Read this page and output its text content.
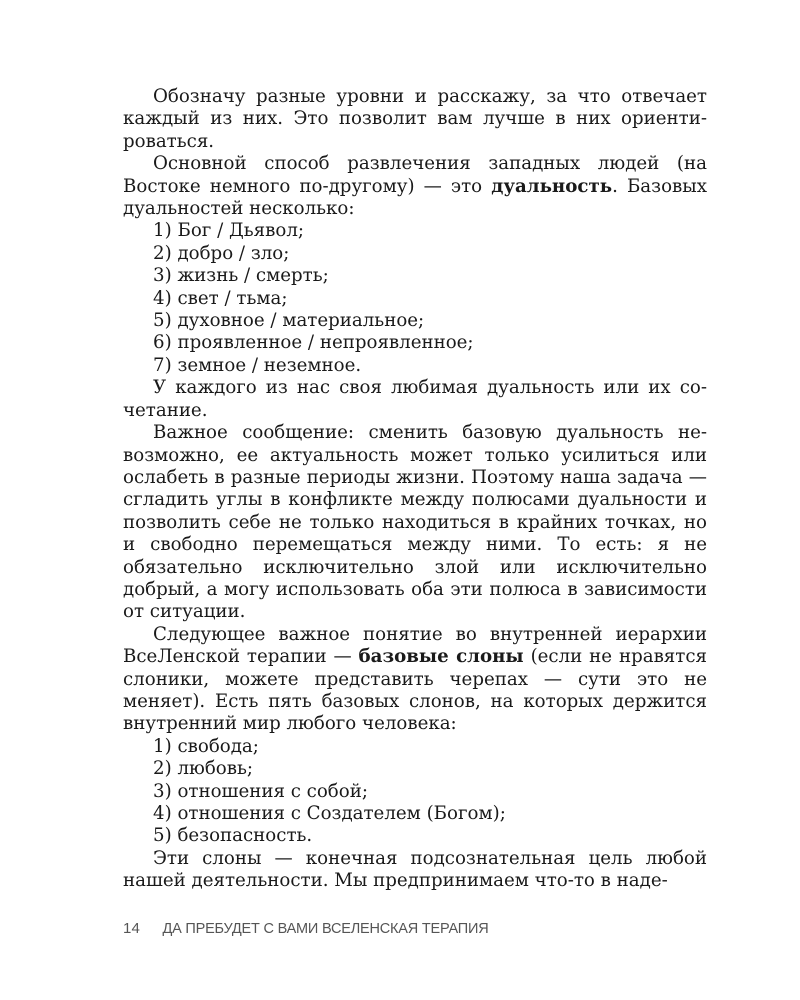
Обозначу разные уровни и расскажу, за что отвечает каждый из них. Это позволит вам лучше в них ориентироваться.

Основной способ развлечения западных людей (на Востоке немного по-другому) — это дуальность. Базовых дуальностей несколько:

1) Бог / Дьявол;
2) добро / зло;
3) жизнь / смерть;
4) свет / тьма;
5) духовное / материальное;
6) проявленное / непроявленное;
7) земное / неземное.

У каждого из нас своя любимая дуальность или их сочетание.

Важное сообщение: сменить базовую дуальность невозможно, ее актуальность может только усилиться или ослабеть в разные периоды жизни. Поэтому наша задача — сгладить углы в конфликте между полюсами дуальности и позволить себе не только находиться в крайних точках, но и свободно перемещаться между ними. То есть: я не обязательно исключительно злой или исключительно добрый, а могу использовать оба эти полюса в зависимости от ситуации.

Следующее важное понятие во внутренней иерархии ВсеЛенской терапии — базовые слоны (если не нравятся слоники, можете представить черепах — сути это не меняет). Есть пять базовых слонов, на которых держится внутренний мир любого человека:

1) свобода;
2) любовь;
3) отношения с собой;
4) отношения с Создателем (Богом);
5) безопасность.

Эти слоны — конечная подсознательная цель любой нашей деятельности. Мы предпринимаем что-то в наде-

14 ДА ПРЕБУДЕТ С ВАМИ ВСЕЛЕНСКАЯ ТЕРАПИЯ
